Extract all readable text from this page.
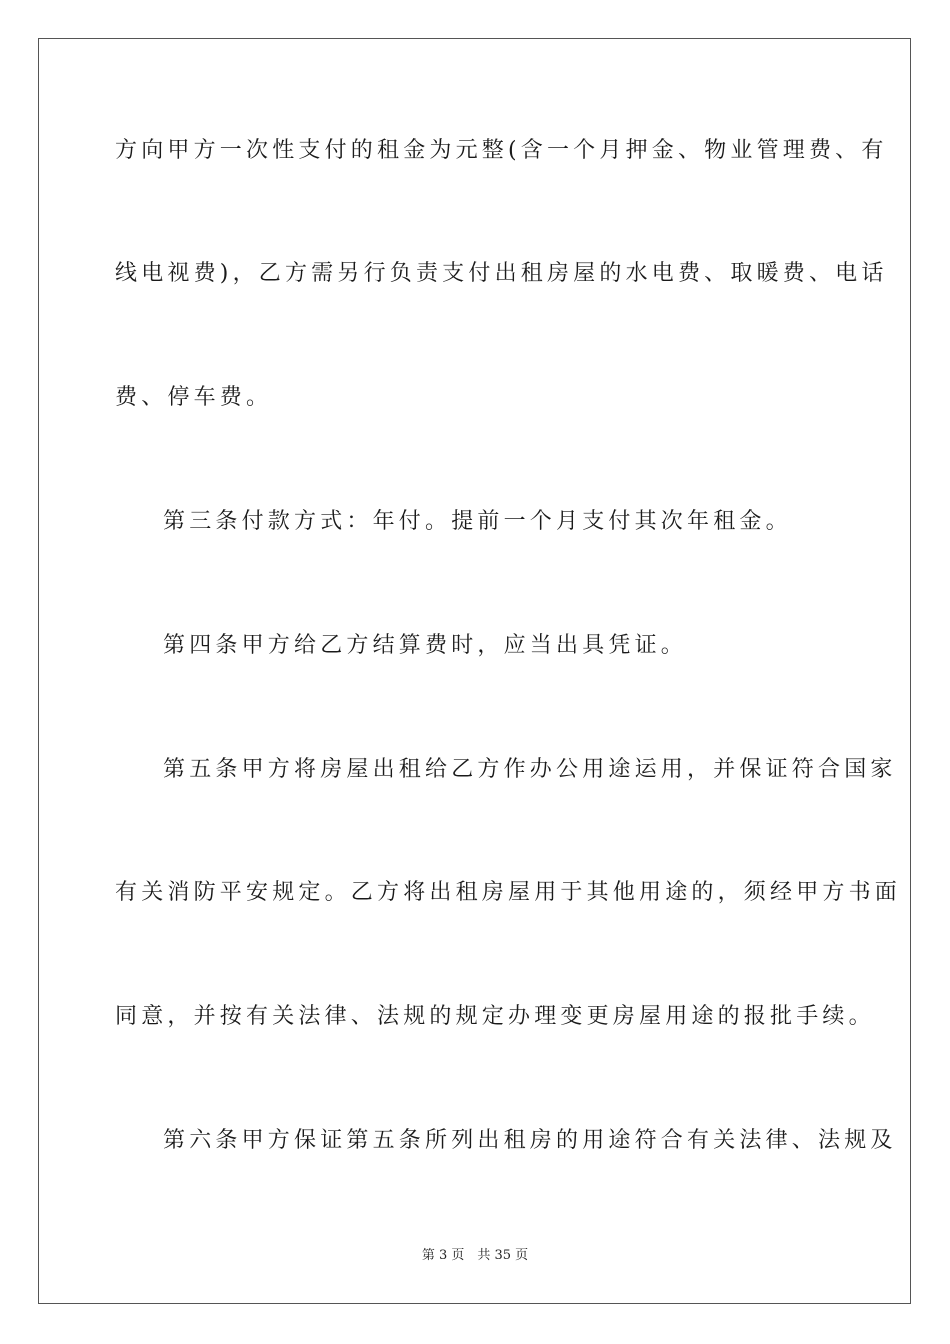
方向甲方一次性支付的租金为元整(含一个月押金、物业管理费、有
线电视费)，乙方需另行负责支付出租房屋的水电费、取暖费、电话
费、停车费。
第三条付款方式：年付。提前一个月支付其次年租金。
第四条甲方给乙方结算费时，应当出具凭证。
第五条甲方将房屋出租给乙方作办公用途运用，并保证符合国家
有关消防平安规定。乙方将出租房屋用于其他用途的，须经甲方书面
同意，并按有关法律、法规的规定办理变更房屋用途的报批手续。
第六条甲方保证第五条所列出租房的用途符合有关法律、法规及
第 3 页　共 35 页
